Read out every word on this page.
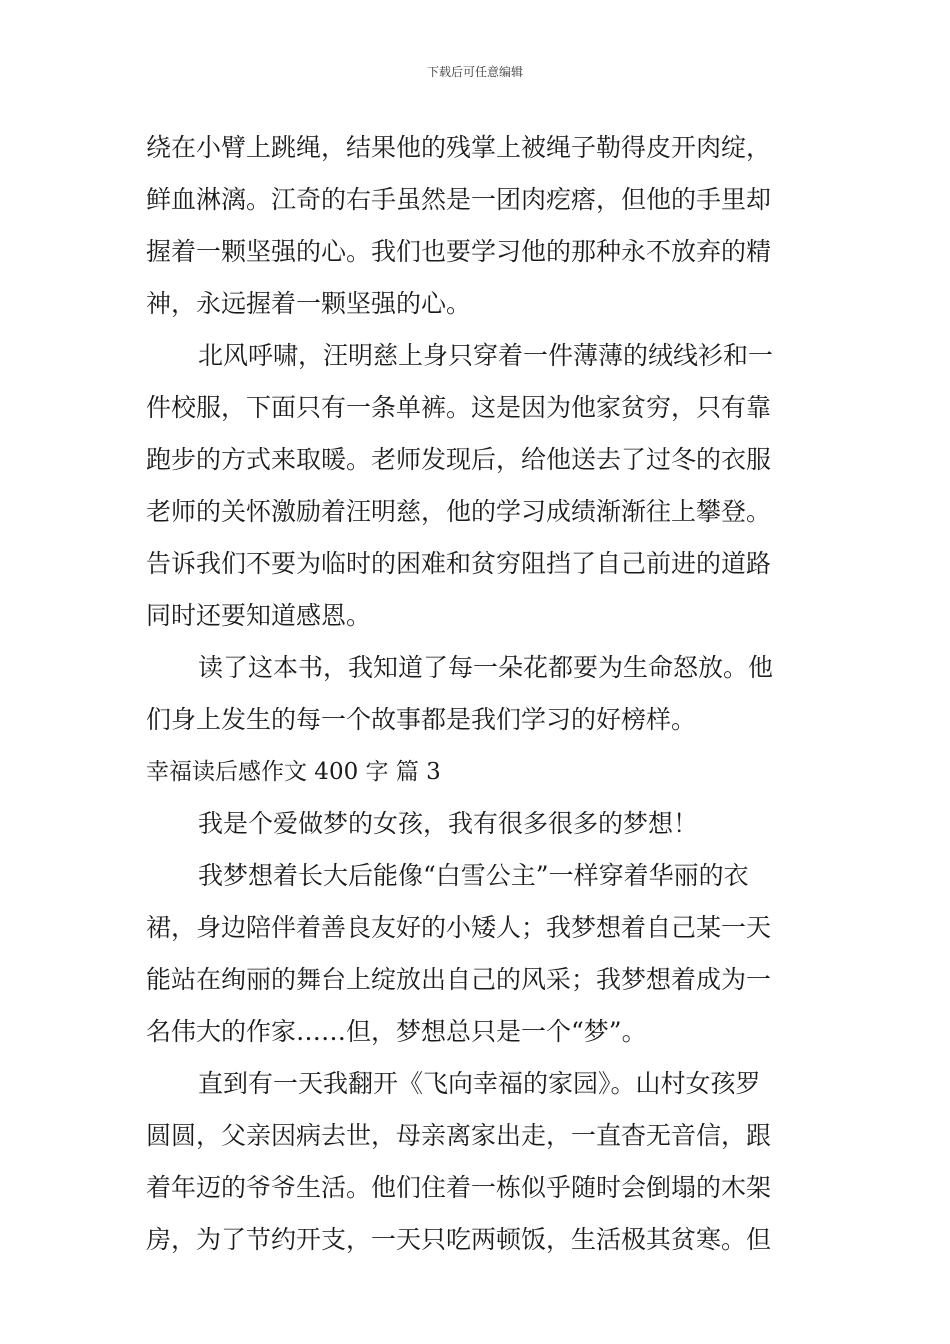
下载后可任意编辑
绕在小臂上跳绳，结果他的残掌上被绳子勒得皮开肉绽，
鲜血淋漓。江奇的右手虽然是一团肉疙瘩，但他的手里却
握着一颗坚强的心。我们也要学习他的那种永不放弃的精
神，永远握着一颗坚强的心。
北风呼啸，汪明慈上身只穿着一件薄薄的绒线衫和一
件校服，下面只有一条单裤。这是因为他家贫穷，只有靠
跑步的方式来取暖。老师发现后，给他送去了过冬的衣服
老师的关怀激励着汪明慈，他的学习成绩渐渐往上攀登。
告诉我们不要为临时的困难和贫穷阻挡了自己前进的道路
同时还要知道感恩。
读了这本书，我知道了每一朵花都要为生命怒放。他
们身上发生的每一个故事都是我们学习的好榜样。
幸福读后感作文 400 字 篇 3
我是个爱做梦的女孩，我有很多很多的梦想！
我梦想着长大后能像“白雪公主”一样穿着华丽的衣
裙，身边陪伴着善良友好的小矮人；我梦想着自己某一天
能站在绚丽的舞台上绽放出自己的风采；我梦想着成为一
名伟大的作家……但，梦想总只是一个“梦”。
直到有一天我翻开《飞向幸福的家园》。山村女孩罗
圆圆，父亲因病去世，母亲离家出走，一直杳无音信，跟
着年迈的爷爷生活。他们住着一栋似乎随时会倒塌的木架
房，为了节约开支，一天只吃两顿饭，生活极其贫寒。但
